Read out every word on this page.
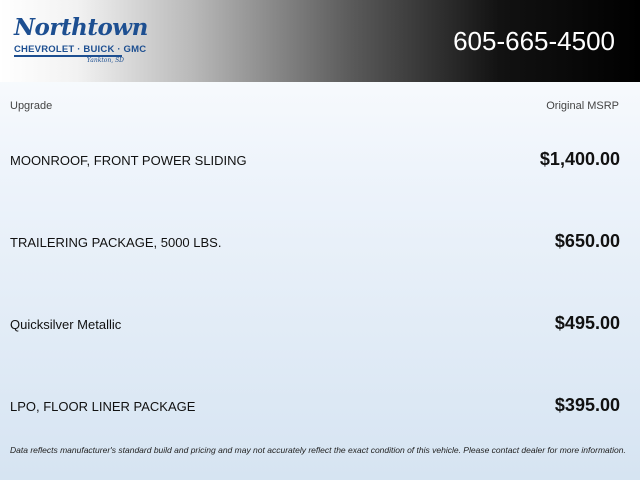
Northtown
CHEVROLET · BUICK · GMC
Yankton, SD
605-665-4500
Upgrade	Original MSRP
MOONROOF, FRONT POWER SLIDING	$1,400.00
TRAILERING PACKAGE, 5000 LBS.	$650.00
Quicksilver Metallic	$495.00
LPO, FLOOR LINER PACKAGE	$395.00
Data reflects manufacturer's standard build and pricing and may not accurately reflect the exact condition of this vehicle. Please contact dealer for more information.
